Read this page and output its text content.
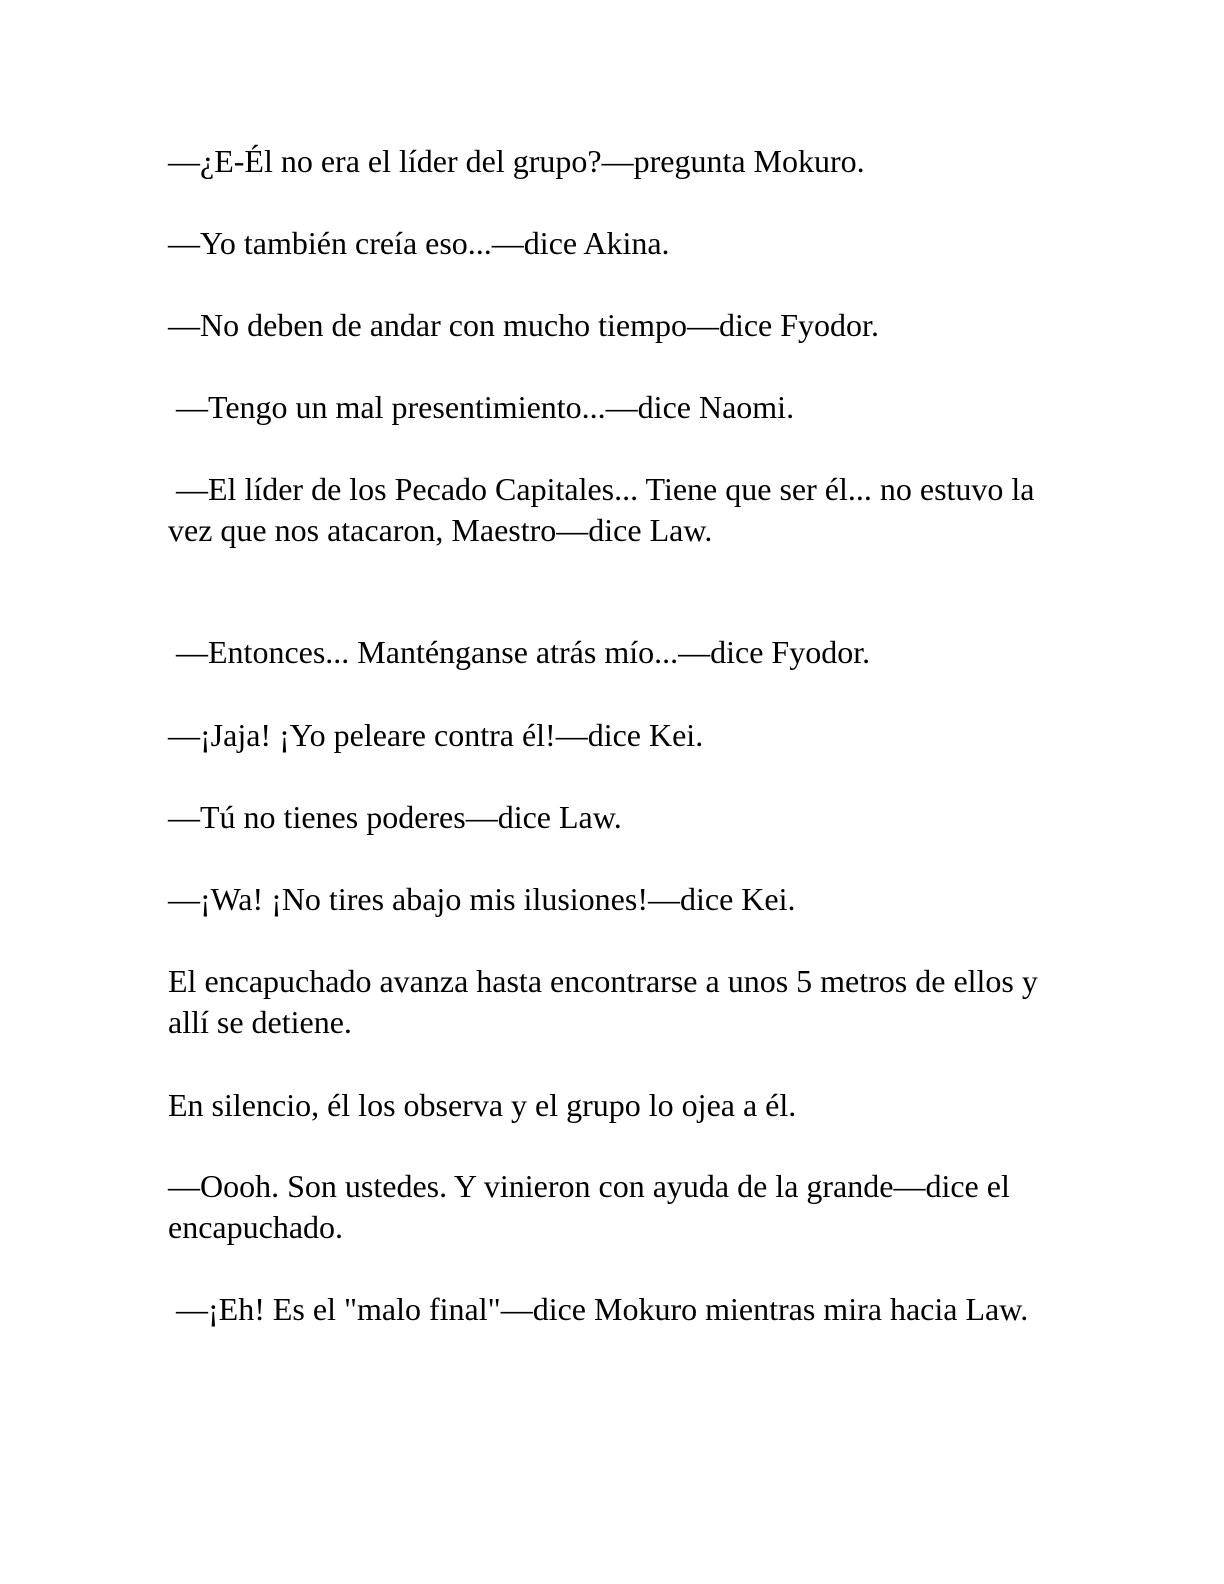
—¿E-Él no era el líder del grupo?—pregunta Mokuro.

—Yo también creía eso...—dice Akina.

—No deben de andar con mucho tiempo—dice Fyodor.

—Tengo un mal presentimiento...—dice Naomi.

—El líder de los Pecado Capitales... Tiene que ser él... no estuvo la vez que nos atacaron, Maestro—dice Law.

—Entonces... Manténganse atrás mío...—dice Fyodor.

—¡Jaja! ¡Yo peleare contra él!—dice Kei.

—Tú no tienes poderes—dice Law.

—¡Wa! ¡No tires abajo mis ilusiones!—dice Kei.

El encapuchado avanza hasta encontrarse a unos 5 metros de ellos y allí se detiene.

En silencio, él los observa y el grupo lo ojea a él.

—Oooh. Son ustedes. Y vinieron con ayuda de la grande—dice el encapuchado.

—¡Eh! Es el "malo final"—dice Mokuro mientras mira hacia Law.
